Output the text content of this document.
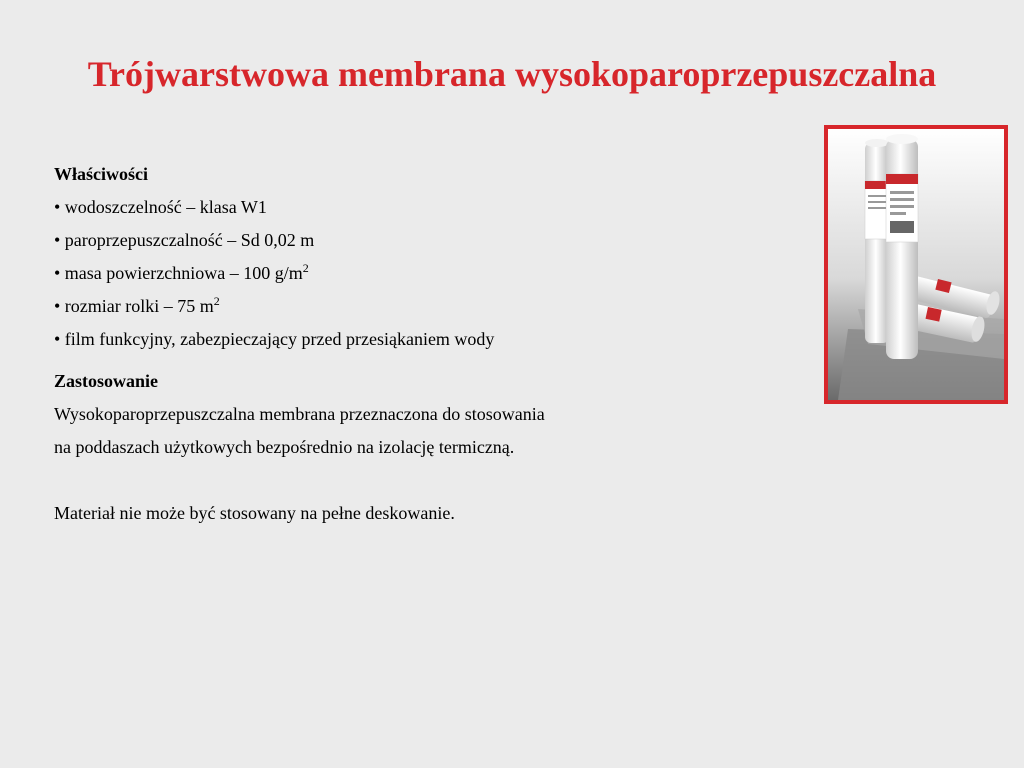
Trójwarstwowa membrana wysokoparoprzepuszczalna
Właściwości
• wodoszczelność – klasa W1
• paroprzepuszczalność – Sd 0,02 m
• masa powierzchniowa – 100 $g/m^2$
• rozmiar rolki – 75 $m^2$
• film funkcyjny, zabezpieczający przed przesiąkaniem wody
Zastosowanie
Wysokoparoprzepuszczalna membrana przeznaczona do stosowania
na poddaszach użytkowych bezpośrednio na izolację termiczną.
Materiał nie może być stosowany na pełne deskowanie.
